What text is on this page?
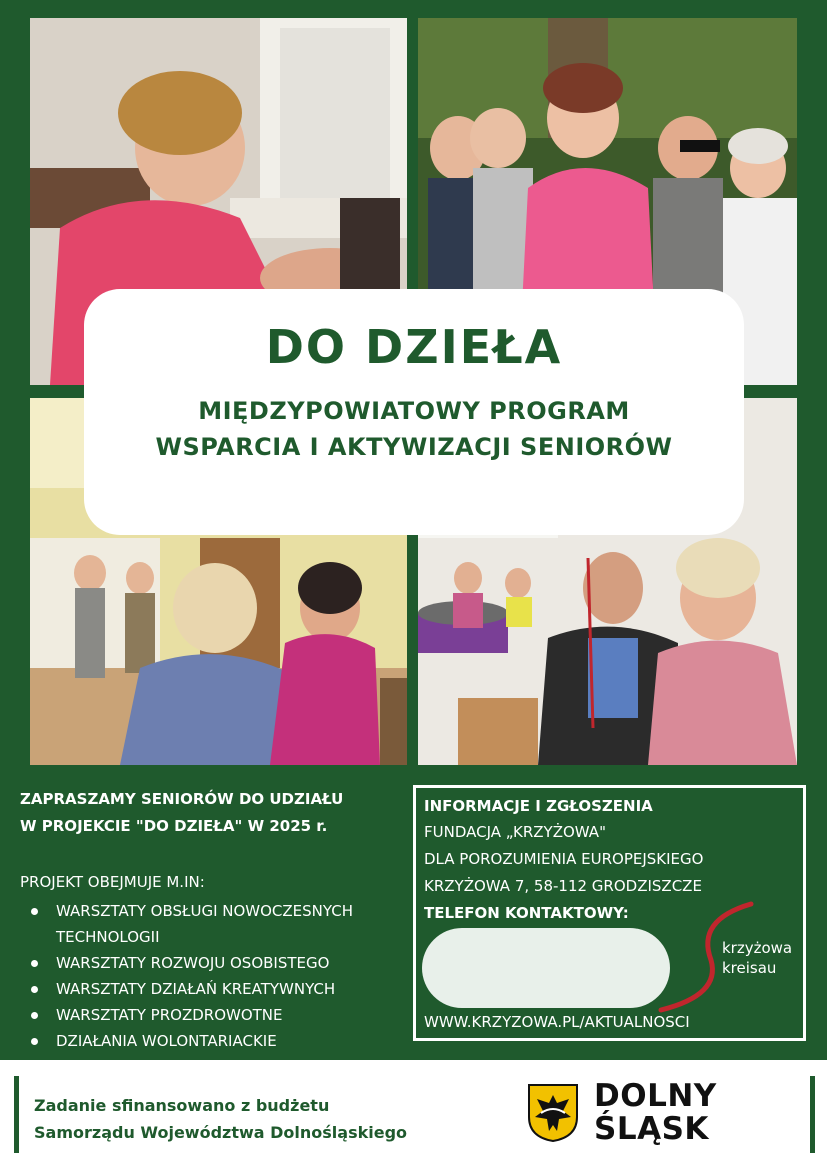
DO DZIEŁA
MIĘDZYPOWIATOWY PROGRAM
WSPARCIA I AKTYWIZACJI SENIORÓW
ZAPRASZAMY SENIORÓW DO UDZIAŁU
W PROJEKCIE "DO DZIEŁA" W 2025 r.
PROJEKT OBEJMUJE M.IN:
WARSZTATY OBSŁUGI NOWOCZESNYCH TECHNOLOGII
WARSZTATY ROZWOJU OSOBISTEGO
WARSZTATY DZIAŁAŃ KREATYWNYCH
WARSZTATY PROZDROWOTNE
DZIAŁANIA WOLONTARIACKIE
INFORMACJE I ZGŁOSZENIA
FUNDACJA „KRZYŻOWA"
DLA POROZUMIENIA EUROPEJSKIEGO
KRZYŻOWA 7, 58-112 GRODZISZCZE
TELEFON KONTAKTOWY:
krzyżowa
kreisau
WWW.KRZYZOWA.PL/AKTUALNOSCI
Zadanie sfinansowano z budżetu
Samorządu Województwa Dolnośląskiego
DOLNY
ŚLĄSK
